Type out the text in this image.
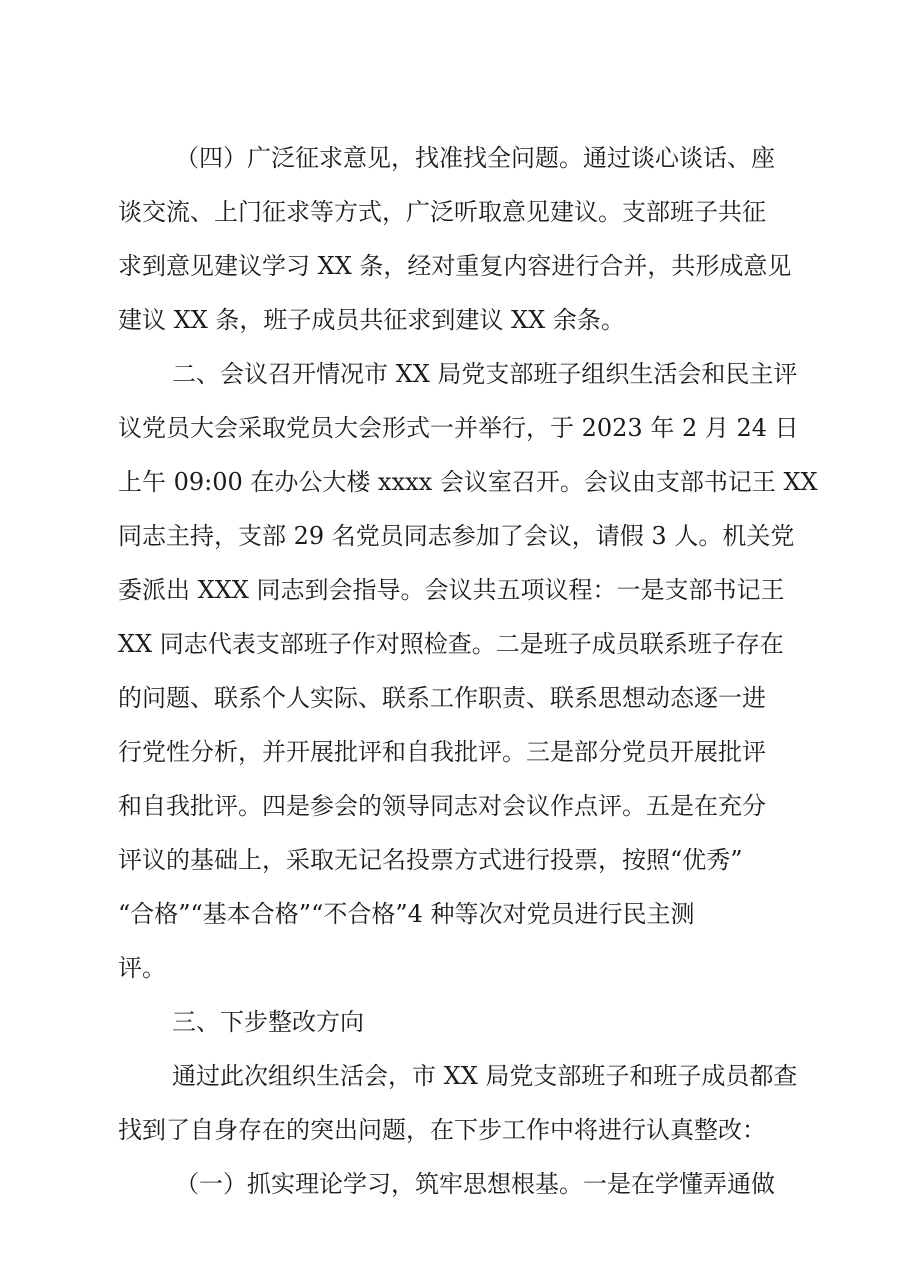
（四）广泛征求意见，找准找全问题。通过谈心谈话、座
谈交流、上门征求等方式，广泛听取意见建议。支部班子共征
求到意见建议学习 XX 条，经对重复内容进行合并，共形成意见
建议 XX 条，班子成员共征求到建议 XX 余条。
二、会议召开情况市 XX 局党支部班子组织生活会和民主评
议党员大会采取党员大会形式一并举行，于 2023 年 2 月 24 日
上午 09:00 在办公大楼 xxxx 会议室召开。会议由支部书记王 XX
同志主持，支部 29 名党员同志参加了会议，请假 3 人。机关党
委派出 XXX 同志到会指导。会议共五项议程：一是支部书记王
XX 同志代表支部班子作对照检查。二是班子成员联系班子存在
的问题、联系个人实际、联系工作职责、联系思想动态逐一进
行党性分析，并开展批评和自我批评。三是部分党员开展批评
和自我批评。四是参会的领导同志对会议作点评。五是在充分
评议的基础上，采取无记名投票方式进行投票，按照“优秀”
“合格”“基本合格”“不合格”4 种等次对党员进行民主测
评。
三、下步整改方向
通过此次组织生活会，市 XX 局党支部班子和班子成员都查
找到了自身存在的突出问题，在下步工作中将进行认真整改：
（一）抓实理论学习，筑牢思想根基。一是在学懂弄通做
